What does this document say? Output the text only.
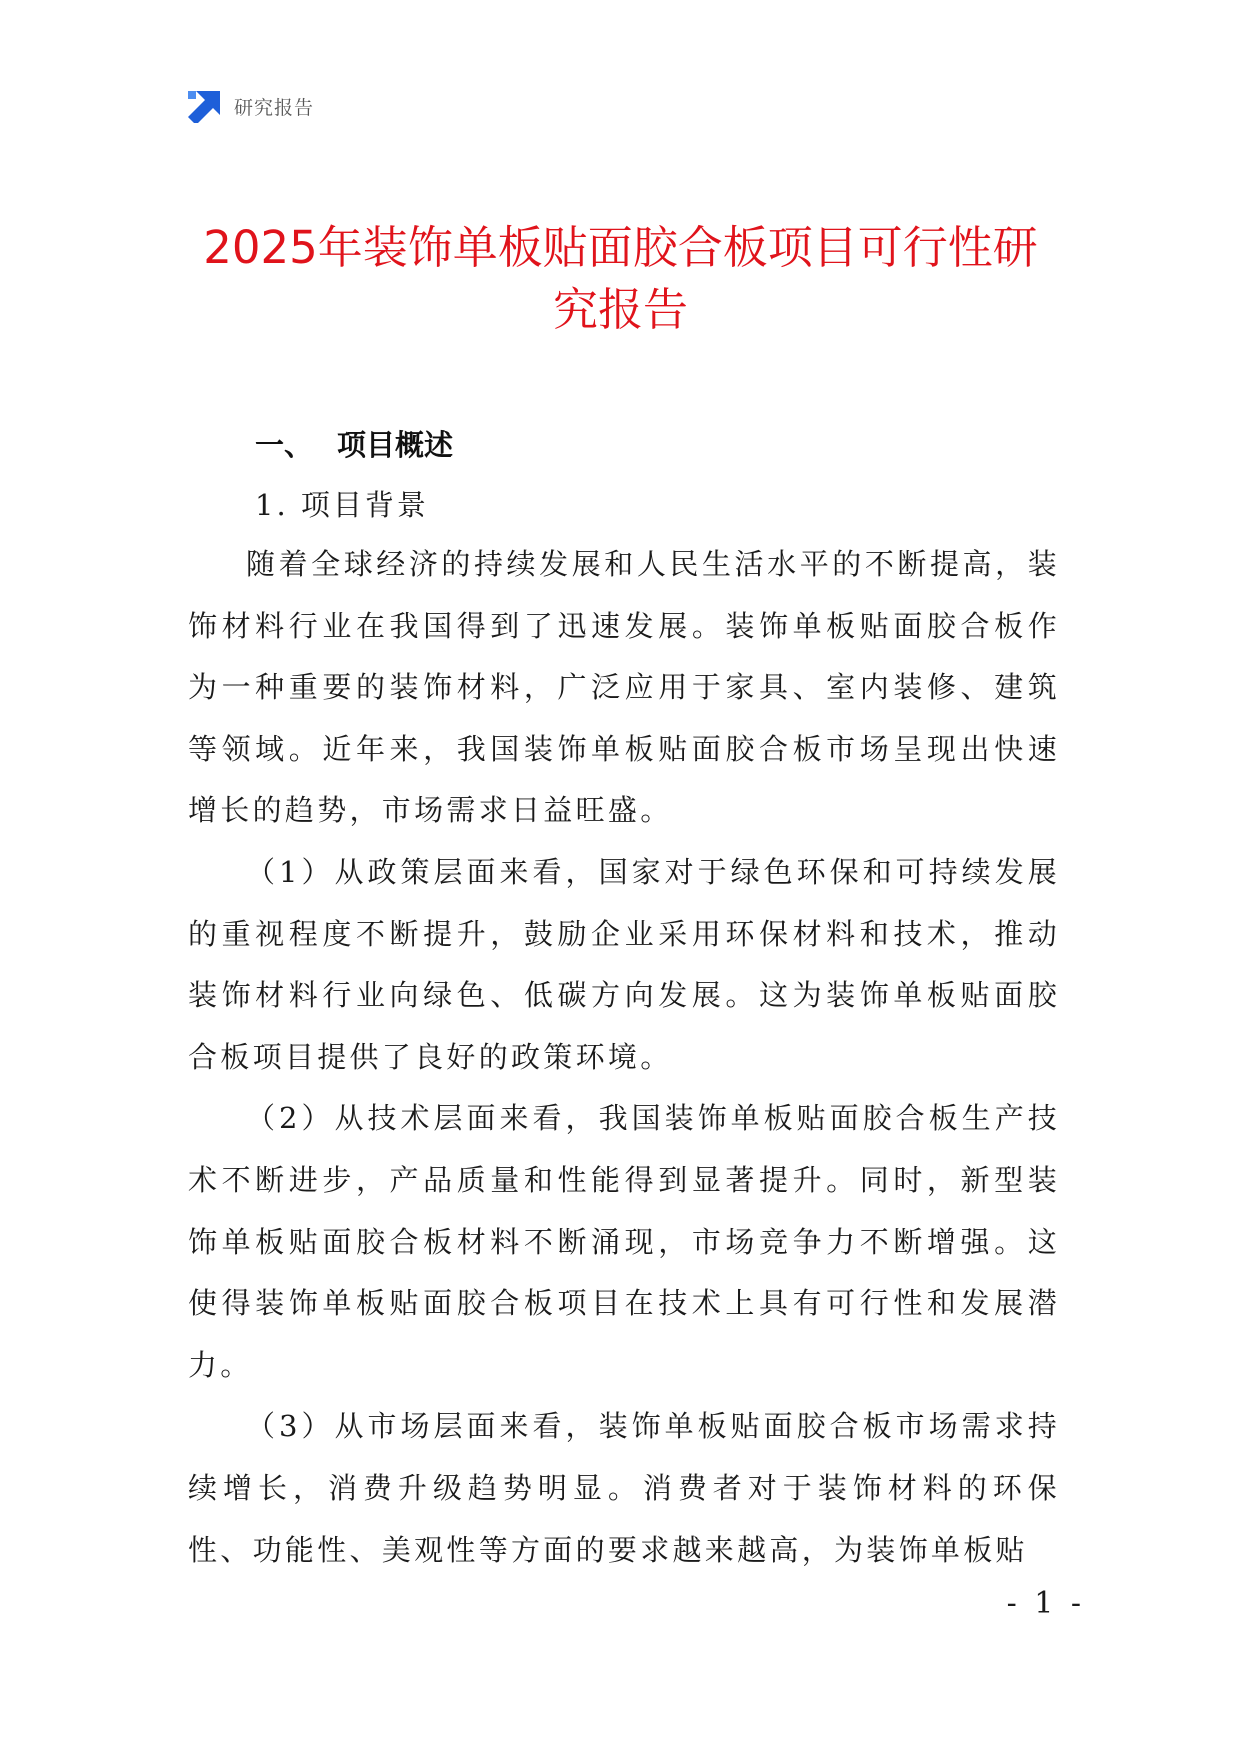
研究报告
2025年装饰单板贴面胶合板项目可行性研
究报告
一、 项目概述
1. 项目背景

随着全球经济的持续发展和人民生活水平的不断提高，装饰材料行业在我国得到了迅速发展。装饰单板贴面胶合板作为一种重要的装饰材料，广泛应用于家具、室内装修、建筑等领域。近年来，我国装饰单板贴面胶合板市场呈现出快速增长的趋势，市场需求日益旺盛。

（1）从政策层面来看，国家对于绿色环保和可持续发展的重视程度不断提升，鼓励企业采用环保材料和技术，推动装饰材料行业向绿色、低碳方向发展。这为装饰单板贴面胶合板项目提供了良好的政策环境。

（2）从技术层面来看，我国装饰单板贴面胶合板生产技术不断进步，产品质量和性能得到显著提升。同时，新型装饰单板贴面胶合板材料不断涌现，市场竞争力不断增强。这使得装饰单板贴面胶合板项目在技术上具有可行性和发展潜力。

（3）从市场层面来看，装饰单板贴面胶合板市场需求持续增长，消费升级趋势明显。消费者对于装饰材料的环保性、功能性、美观性等方面的要求越来越高，为装饰单板贴

- 1 -
